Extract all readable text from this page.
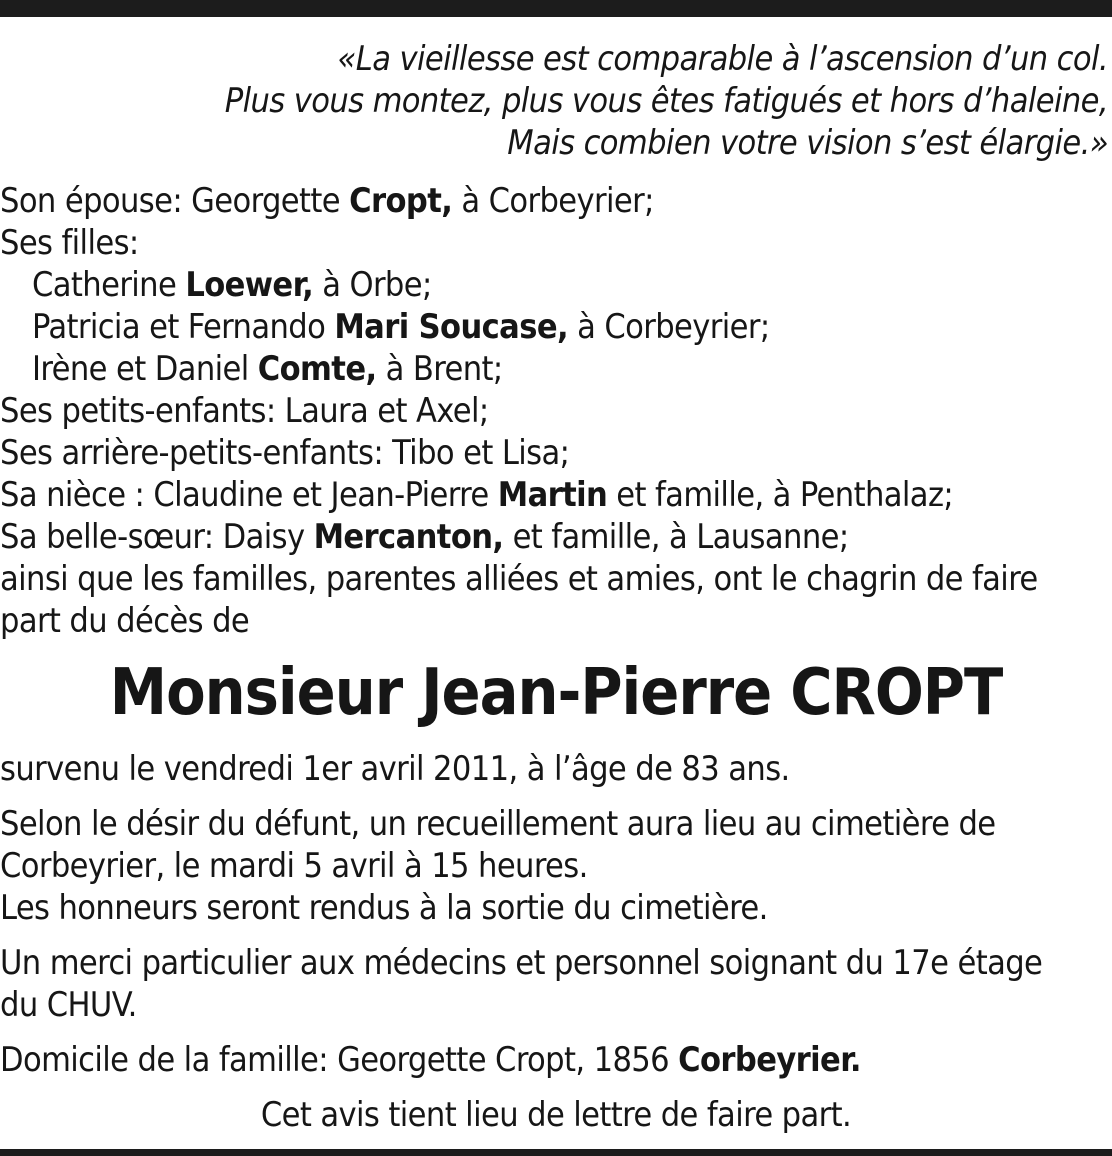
«La vieillesse est comparable à l’ascension d’un col.
Plus vous montez, plus vous êtes fatigués et hors d’haleine,
Mais combien votre vision s’est élargie.»
Son épouse: Georgette Cropt, à Corbeyrier;
Ses filles:
Catherine Loewer, à Orbe;
Patricia et Fernando Mari Soucase, à Corbeyrier;
Irène et Daniel Comte, à Brent;
Ses petits-enfants: Laura et Axel;
Ses arrière-petits-enfants: Tibo et Lisa;
Sa nièce : Claudine et Jean-Pierre Martin et famille, à Penthalaz;
Sa belle-sœur: Daisy Mercanton, et famille, à Lausanne;
ainsi que les familles, parentes alliées et amies, ont le chagrin de faire
part du décès de
Monsieur Jean-Pierre CROPT
survenu le vendredi 1er avril 2011, à l’âge de 83 ans.
Selon le désir du défunt, un recueillement aura lieu au cimetière de
Corbeyrier, le mardi 5 avril à 15 heures.
Les honneurs seront rendus à la sortie du cimetière.
Un merci particulier aux médecins et personnel soignant du 17e étage
du CHUV.
Domicile de la famille: Georgette Cropt, 1856 Corbeyrier.
Cet avis tient lieu de lettre de faire part.
